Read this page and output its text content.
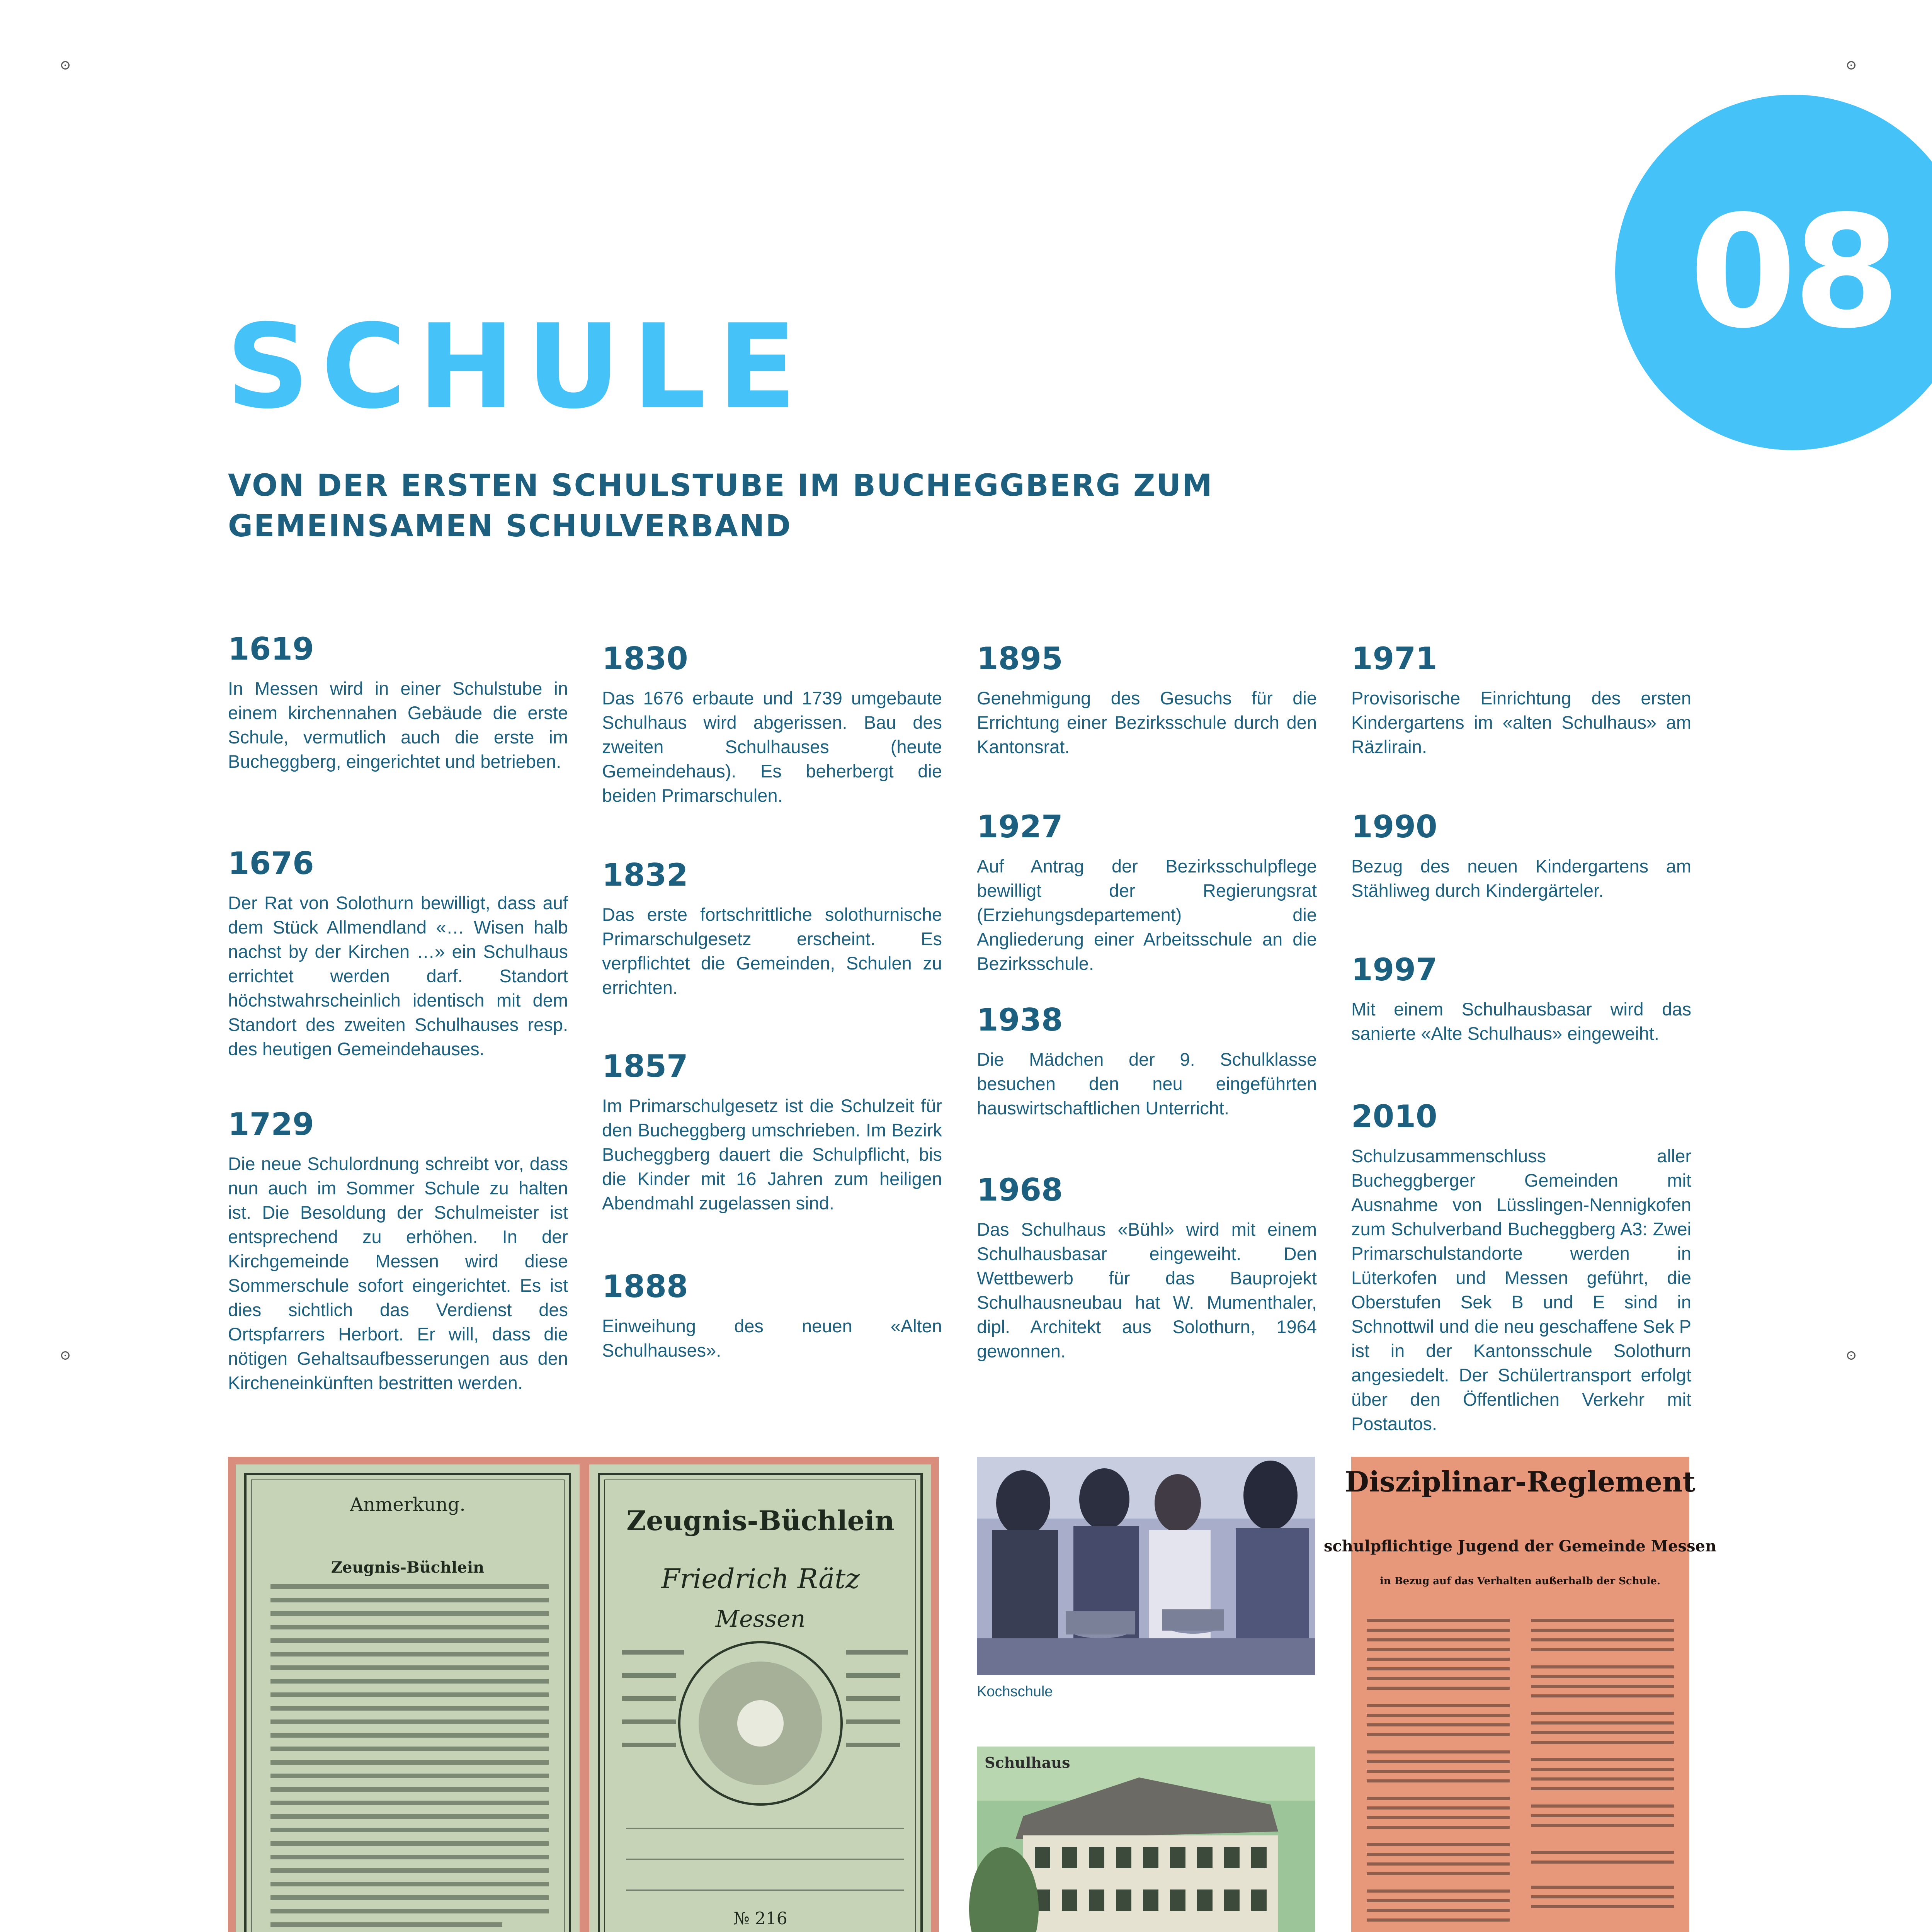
08
SCHULE
VON DER ERSTEN SCHULSTUBE IM BUCHEGGBERG ZUM GEMEINSAMEN SCHULVERBAND
1619
In Messen wird in einer Schulstube in einem kirchennahen Gebäude die erste Schule, vermutlich auch die erste im Bucheggberg, eingerichtet und betrieben.
1676
Der Rat von Solothurn bewilligt, dass auf dem Stück Allmendland «… Wisen halb nachst by der Kirchen …» ein Schulhaus errichtet werden darf. Standort höchstwahrscheinlich identisch mit dem Standort des zweiten Schulhauses resp. des heutigen Gemeindehauses.
1729
Die neue Schulordnung schreibt vor, dass nun auch im Sommer Schule zu halten ist. Die Besoldung der Schulmeister ist entsprechend zu erhöhen. In der Kirchgemeinde Messen wird diese Sommerschule sofort eingerichtet. Es ist dies sichtlich das Verdienst des Ortspfarrers Herbort. Er will, dass die nötigen Gehaltsaufbesserungen aus den Kircheneinkünften bestritten werden.
1830
Das 1676 erbaute und 1739 umgebaute Schulhaus wird abgerissen. Bau des zweiten Schulhauses (heute Gemeindehaus). Es beherbergt die beiden Primarschulen.
1832
Das erste fortschrittliche solothurnische Primarschulgesetz erscheint. Es verpflichtet die Gemeinden, Schulen zu errichten.
1857
Im Primarschulgesetz ist die Schulzeit für den Bucheggberg umschrieben. Im Bezirk Bucheggberg dauert die Schulpflicht, bis die Kinder mit 16 Jahren zum heiligen Abendmahl zugelassen sind.
1888
Einweihung des neuen «Alten Schulhauses».
1895
Genehmigung des Gesuchs für die Errichtung einer Bezirksschule durch den Kantonsrat.
1927
Auf Antrag der Bezirksschulpflege bewilligt der Regierungsrat (Erziehungsdepartement) die Angliederung einer Arbeitsschule an die Bezirksschule.
1938
Die Mädchen der 9. Schulklasse besuchen den neu eingeführten hauswirtschaftlichen Unterricht.
1968
Das Schulhaus «Bühl» wird mit einem Schulhausbasar eingeweiht. Den Wettbewerb für das Bauprojekt Schulhausneubau hat W. Mumenthaler, dipl. Architekt aus Solothurn, 1964 gewonnen.
1971
Provisorische Einrichtung des ersten Kindergartens im «alten Schulhaus» am Räzlirain.
1990
Bezug des neuen Kindergartens am Stähliweg durch Kindergärteler.
1997
Mit einem Schulhausbasar wird das sanierte «Alte Schulhaus» eingeweiht.
2010
Schulzusammenschluss aller Bucheggberger Gemeinden mit Ausnahme von Lüsslingen-Nennigkofen zum Schulverband Bucheggberg A3: Zwei Primarschulstandorte werden in Lüterkofen und Messen geführt, die Oberstufen Sek B und E sind in Schnottwil und die neu geschaffene Sek P ist in der Kantonsschule Solothurn angesiedelt. Der Schülertransport erfolgt über den Öffentlichen Verkehr mit Postautos.
Anmerkung.
Zeugnis-Büchlein
Zeugnis-Büchlein
Friedrich Rätz
Messen
№ 216
Kochschule
Schulhaus
Disziplinar-Reglement
schulpflichtige Jugend der Gemeinde Messen
in Bezug auf das Verhalten außerhalb der Schule.
